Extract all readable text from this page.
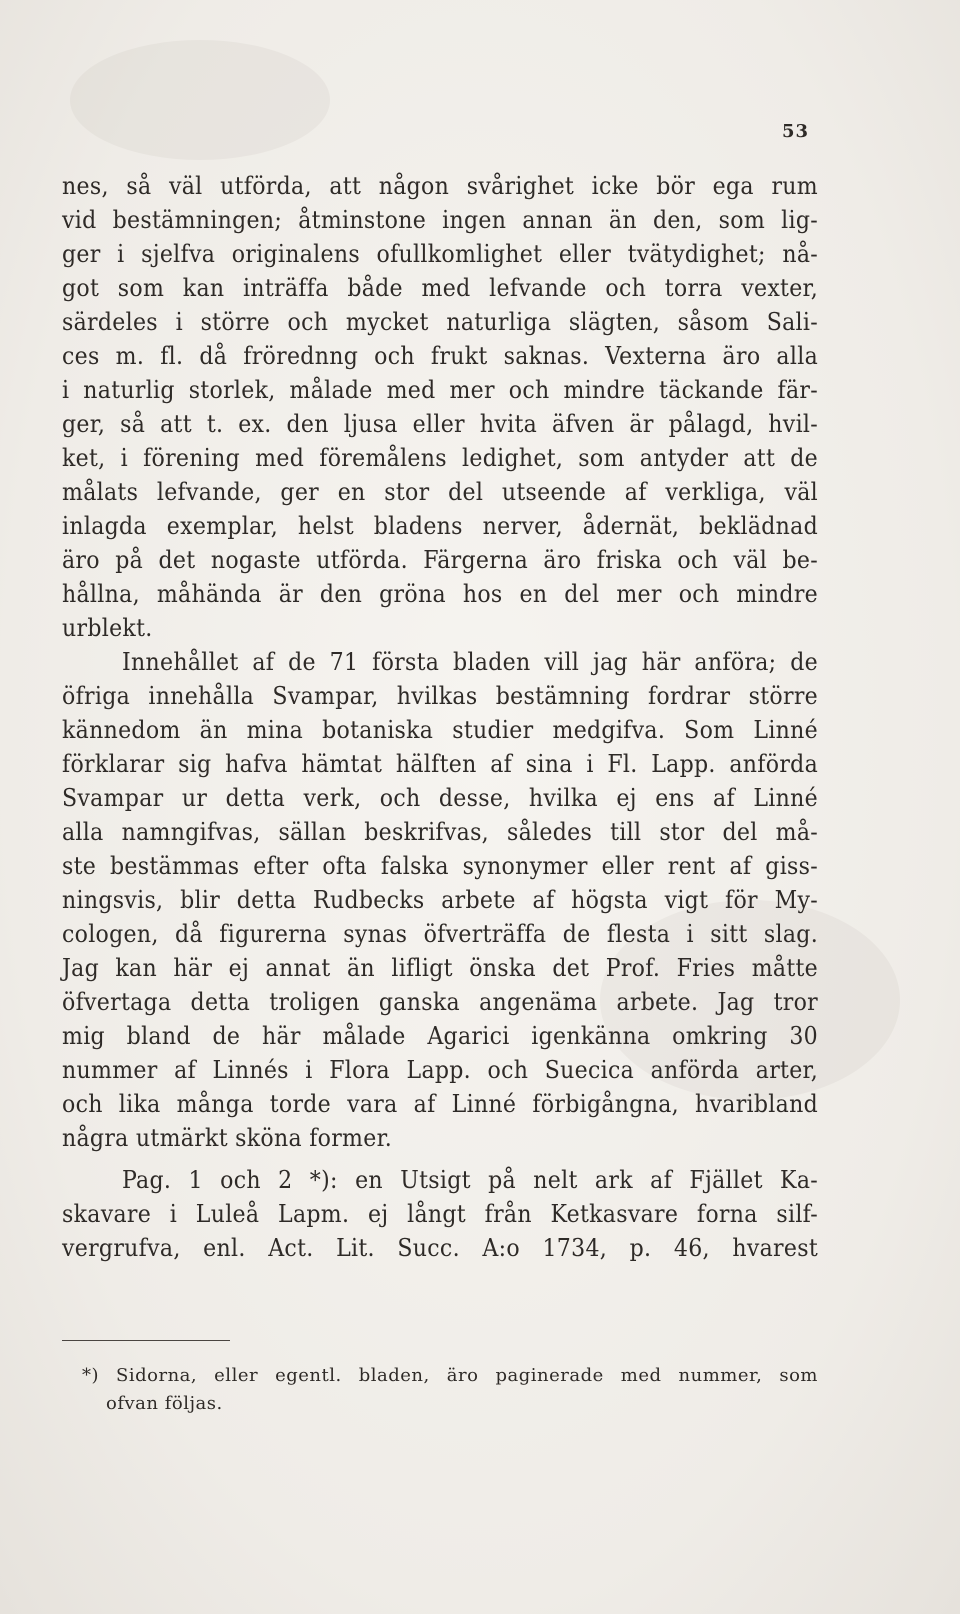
53
nes, så väl utförda, att någon svårighet icke bör ega rum
vid bestämningen; åtminstone ingen annan än den, som lig-
ger i sjelfva originalens ofullkomlighet eller tvätydighet; nå-
got som kan inträffa både med lefvande och torra vexter,
särdeles i större och mycket naturliga slägten, såsom Sali-
ces m. fl. då frörednng och frukt saknas. Vexterna äro alla
i naturlig storlek, målade med mer och mindre täckande fär-
ger, så att t. ex. den ljusa eller hvita äfven är pålagd, hvil-
ket, i förening med föremålens ledighet, som antyder att de
målats lefvande, ger en stor del utseende af verkliga, väl
inlagda exemplar, helst bladens nerver, ådernät, beklädnad
äro på det nogaste utförda. Färgerna äro friska och väl be-
hållna, måhända är den gröna hos en del mer och mindre
urblekt.
Innehållet af de 71 första bladen vill jag här anföra; de
öfriga innehålla Svampar, hvilkas bestämning fordrar större
kännedom än mina botaniska studier medgifva. Som Linné
förklarar sig hafva hämtat hälften af sina i Fl. Lapp. anförda
Svampar ur detta verk, och desse, hvilka ej ens af Linné
alla namngifvas, sällan beskrifvas, således till stor del må-
ste bestämmas efter ofta falska synonymer eller rent af giss-
ningsvis, blir detta Rudbecks arbete af högsta vigt för My-
cologen, då figurerna synas öfverträffa de flesta i sitt slag.
Jag kan här ej annat än lifligt önska det Prof. Fries måtte
öfvertaga detta troligen ganska angenäma arbete. Jag tror
mig bland de här målade Agarici igenkänna omkring 30
nummer af Linnés i Flora Lapp. och Suecica anförda arter,
och lika många torde vara af Linné förbigångna, hvaribland
några utmärkt sköna former.
Pag. 1 och 2 *): en Utsigt på nelt ark af Fjället Ka-
skavare i Luleå Lapm. ej långt från Ketkasvare forna silf-
vergrufva, enl. Act. Lit. Succ. A:o 1734, p. 46, hvarest
*) Sidorna, eller egentl. bladen, äro paginerade med nummer, som
ofvan följas.
